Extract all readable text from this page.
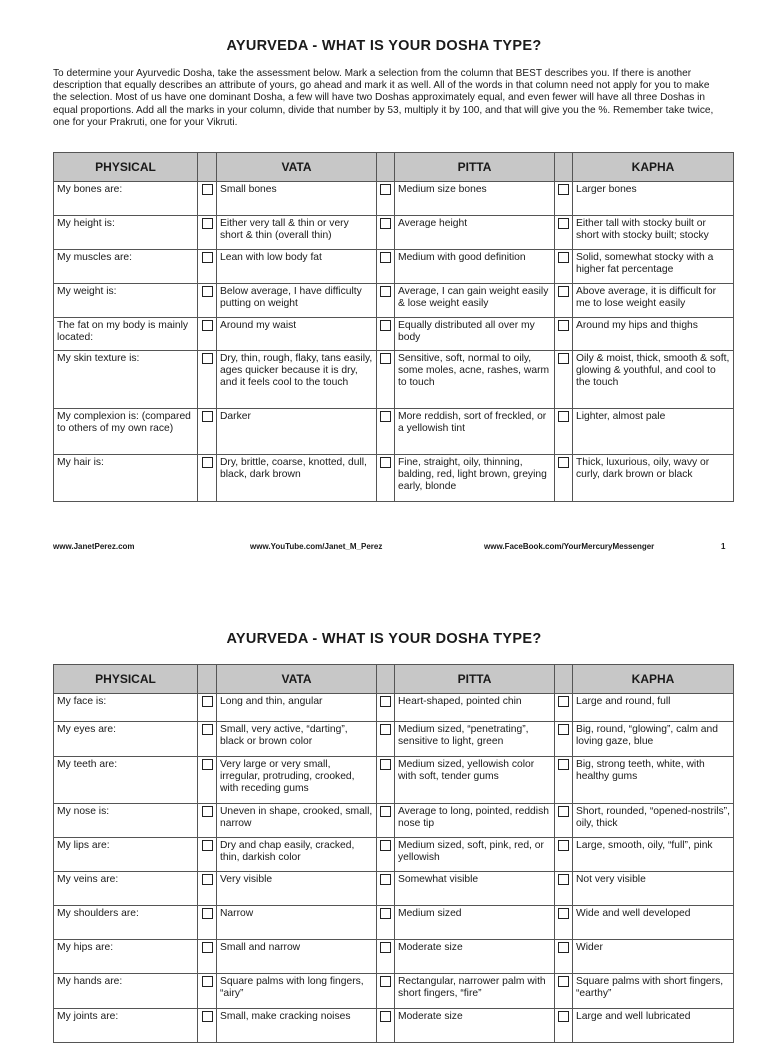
AYURVEDA - WHAT IS YOUR DOSHA TYPE?

To determine your Ayurvedic Dosha, take the assessment below. Mark a selection from the column that BEST describes you. If there is another description that equally describes an attribute of yours, go ahead and mark it as well. All of the words in that column need not apply for you to make the selection. Most of us have one dominant Dosha, a few will have two Doshas approximately equal, and even fewer will have all three Doshas in equal proportions. Add all the marks in your column, divide that number by 53, multiply it by 100, and that will give you the %. Remember take twice, one for your Prakruti, one for your Vikruti.

PHYSICAL		VATA		PITTA		KAPHA
My bones are:		Small bones		Medium size bones		Larger bones
My height is:		Either very tall & thin or very short & thin (overall thin)		Average height		Either tall with stocky built or short with stocky built; stocky
My muscles are:		Lean with low body fat		Medium with good definition		Solid, somewhat stocky with a higher fat percentage
My weight is:		Below average, I have difficulty putting on weight		Average, I can gain weight easily & lose weight easily		Above average, it is difficult for me to lose weight easily
The fat on my body is mainly located:		Around my waist		Equally distributed all over my body		Around my hips and thighs
My skin texture is:		Dry, thin, rough, flaky, tans easily, ages quicker because it is dry, and it feels cool to the touch		Sensitive, soft, normal to oily, some moles, acne, rashes, warm to touch		Oily & moist, thick, smooth & soft, glowing & youthful, and cool to the touch
My complexion is: (compared to others of my own race)		Darker		More reddish, sort of freckled, or a yellowish tint		Lighter, almost pale
My hair is:		Dry, brittle, coarse, knotted, dull, black, dark brown		Fine, straight, oily, thinning, balding, red, light brown, greying early, blonde		Thick, luxurious, oily, wavy or curly, dark brown or black
www.JanetPerez.com	www.YouTube.com/Janet_M_Perez	www.FaceBook.com/YourMercuryMessenger	1
AYURVEDA - WHAT IS YOUR DOSHA TYPE?
PHYSICAL		VATA		PITTA		KAPHA
My face is:		Long and thin, angular		Heart-shaped, pointed chin		Large and round, full
My eyes are:		Small, very active, “darting”, black or brown color		Medium sized, “penetrating”, sensitive to light, green		Big, round, “glowing”, calm and loving gaze, blue
My teeth are:		Very large or very small, irregular, protruding, crooked, with receding gums		Medium sized, yellowish color with soft, tender gums		Big, strong teeth, white, with healthy gums
My nose is:		Uneven in shape, crooked, small, narrow		Average to long, pointed, reddish nose tip		Short, rounded, “opened-nostrils”, oily, thick
My lips are:		Dry and chap easily, cracked, thin, darkish color		Medium sized, soft, pink, red, or yellowish		Large, smooth, oily, “full”, pink
My veins are:		Very visible		Somewhat visible		Not very visible
My shoulders are:		Narrow		Medium sized		Wide and well developed
My hips are:		Small and narrow		Moderate size		Wider
My hands are:		Square palms with long fingers, “airy”		Rectangular, narrower palm with short fingers, “fire”		Square palms with short fingers, “earthy”
My joints are:		Small, make cracking noises		Moderate size		Large and well lubricated
